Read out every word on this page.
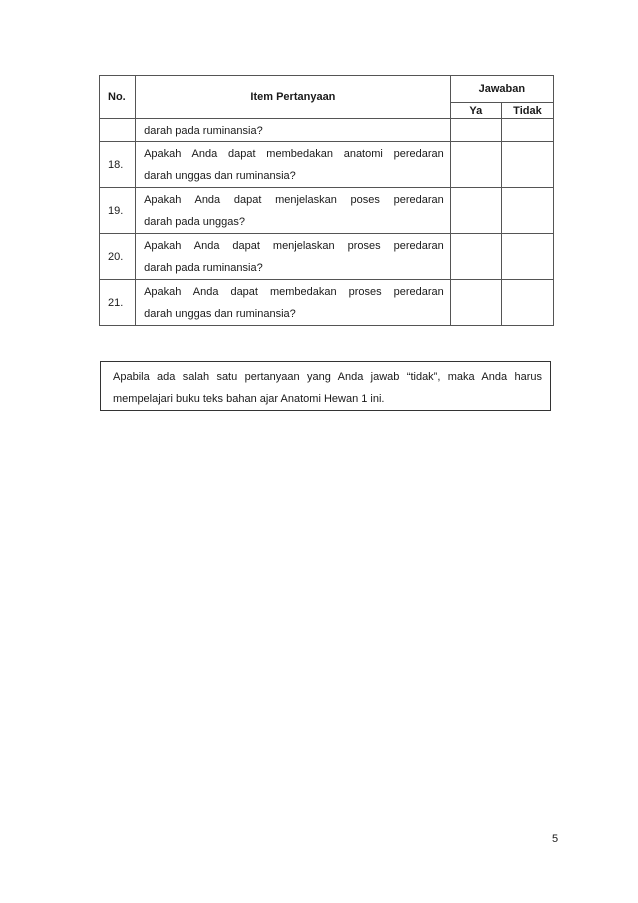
No.	Item Pertanyaan	Jawaban	
		Ya	Tidak
	darah pada ruminansia?		
18.	Apakah Anda dapat membedakan anatomi peredaran
darah unggas dan ruminansia?		

19.	Apakah Anda dapat menjelaskan poses peredaran
darah pada unggas?		

20.	Apakah Anda dapat menjelaskan proses peredaran
darah pada ruminansia?		

21.	Apakah Anda dapat membedakan proses peredaran
darah unggas dan ruminansia?		

Apabila ada salah satu pertanyaan yang Anda jawab “tidak”, maka Anda harus
mempelajari buku teks bahan ajar Anatomi Hewan 1 ini.
5
